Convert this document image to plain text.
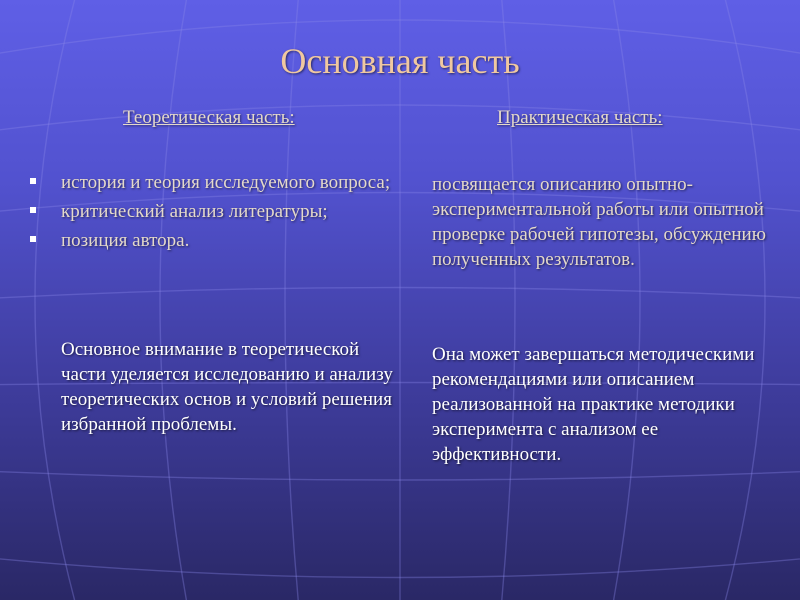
Основная часть
Теоретическая часть:	Практическая часть:
история и теория исследуемого вопроса;
критический анализ литературы;
позиция автора.

Основное внимание в теоретической части уделяется исследованию и анализу теоретических основ и условий решения избранной проблемы.

посвящается описанию опытно-экспериментальной работы или опытной проверке рабочей гипотезы, обсуждению полученных результатов.

Она может завершаться методическими рекомендациями или описанием реализованной на практике методики эксперимента с анализом ее эффективности.
